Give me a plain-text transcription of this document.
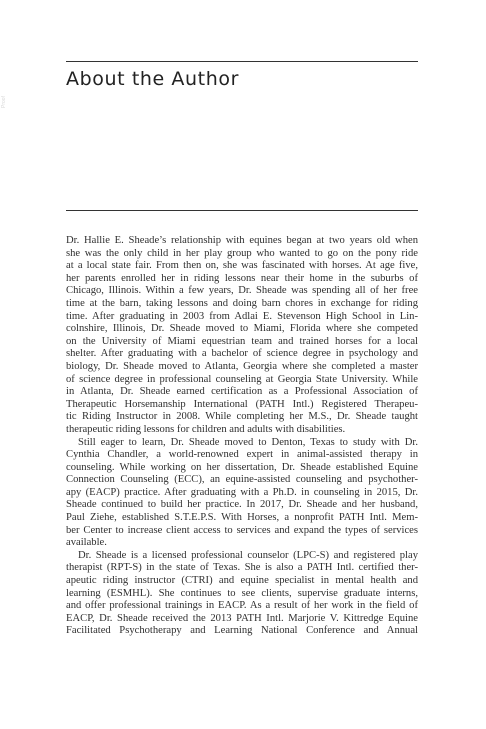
About the Author
Proof
Dr. Hallie E. Sheade’s relationship with equines began at two years old when
she was the only child in her play group who wanted to go on the pony ride
at a local state fair. From then on, she was fascinated with horses. At age five,
her parents enrolled her in riding lessons near their home in the suburbs of
Chicago, Illinois. Within a few years, Dr. Sheade was spending all of her free
time at the barn, taking lessons and doing barn chores in exchange for riding
time. After graduating in 2003 from Adlai E. Stevenson High School in Lin-
colnshire, Illinois, Dr. Sheade moved to Miami, Florida where she competed
on the University of Miami equestrian team and trained horses for a local
shelter. After graduating with a bachelor of science degree in psychology and
biology, Dr. Sheade moved to Atlanta, Georgia where she completed a master
of science degree in professional counseling at Georgia State University. While
in Atlanta, Dr. Sheade earned certification as a Professional Association of
Therapeutic Horsemanship International (PATH Intl.) Registered Therapeu-
tic Riding Instructor in 2008. While completing her M.S., Dr. Sheade taught
therapeutic riding lessons for children and adults with disabilities.
Still eager to learn, Dr. Sheade moved to Denton, Texas to study with Dr.
Cynthia Chandler, a world-renowned expert in animal-assisted therapy in
counseling. While working on her dissertation, Dr. Sheade established Equine
Connection Counseling (ECC), an equine-assisted counseling and psychother-
apy (EACP) practice. After graduating with a Ph.D. in counseling in 2015, Dr.
Sheade continued to build her practice. In 2017, Dr. Sheade and her husband,
Paul Ziehe, established S.T.E.P.S. With Horses, a nonprofit PATH Intl. Mem-
ber Center to increase client access to services and expand the types of services
available.
Dr. Sheade is a licensed professional counselor (LPC-S) and registered play
therapist (RPT-S) in the state of Texas. She is also a PATH Intl. certified ther-
apeutic riding instructor (CTRI) and equine specialist in mental health and
learning (ESMHL). She continues to see clients, supervise graduate interns,
and offer professional trainings in EACP. As a result of her work in the field of
EACP, Dr. Sheade received the 2013 PATH Intl. Marjorie V. Kittredge Equine
Facilitated Psychotherapy and Learning National Conference and Annual
